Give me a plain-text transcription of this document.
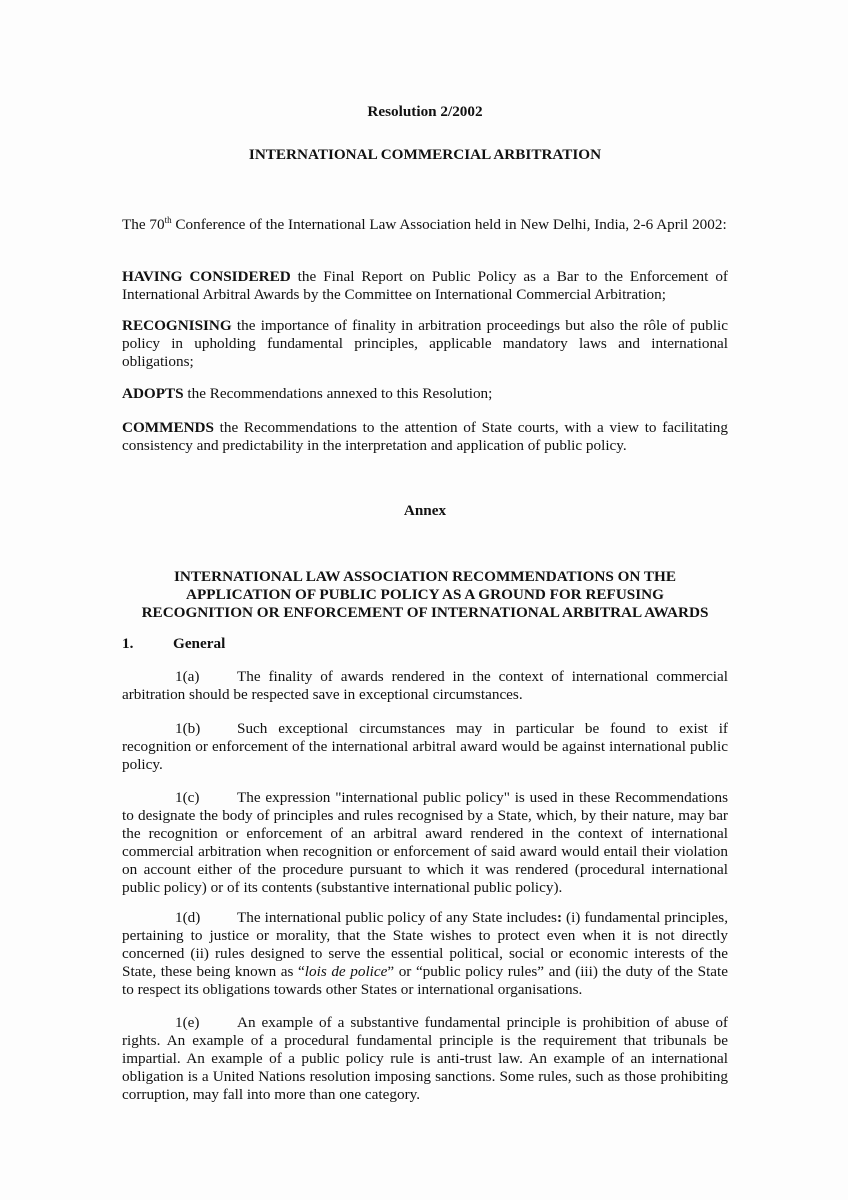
Resolution 2/2002

INTERNATIONAL COMMERCIAL ARBITRATION

The 70th Conference of the International Law Association held in New Delhi, India, 2-6 April 2002:

HAVING CONSIDERED the Final Report on Public Policy as a Bar to the Enforcement of International Arbitral Awards by the Committee on International Commercial Arbitration;

RECOGNISING the importance of finality in arbitration proceedings but also the rôle of public policy in upholding fundamental principles, applicable mandatory laws and international obligations;

ADOPTS the Recommendations annexed to this Resolution;

COMMENDS the Recommendations to the attention of State courts, with a view to facilitating consistency and predictability in the interpretation and application of public policy.

Annex

INTERNATIONAL LAW ASSOCIATION RECOMMENDATIONS ON THE
APPLICATION OF PUBLIC POLICY AS A GROUND FOR REFUSING
RECOGNITION OR ENFORCEMENT OF INTERNATIONAL ARBITRAL AWARDS

1.	General

1(a) The finality of awards rendered in the context of international commercial arbitration should be respected save in exceptional circumstances.

1(b) Such exceptional circumstances may in particular be found to exist if recognition or enforcement of the international arbitral award would be against international public policy.

1(c) The expression "international public policy" is used in these Recommendations to designate the body of principles and rules recognised by a State, which, by their nature, may bar the recognition or enforcement of an arbitral award rendered in the context of international commercial arbitration when recognition or enforcement of said award would entail their violation on account either of the procedure pursuant to which it was rendered (procedural international public policy) or of its contents (substantive international public policy).

1(d) The international public policy of any State includes: (i) fundamental principles, pertaining to justice or morality, that the State wishes to protect even when it is not directly concerned (ii) rules designed to serve the essential political, social or economic interests of the State, these being known as “lois de police” or “public policy rules” and (iii) the duty of the State to respect its obligations towards other States or international organisations.

1(e) An example of a substantive fundamental principle is prohibition of abuse of rights. An example of a procedural fundamental principle is the requirement that tribunals be impartial. An example of a public policy rule is anti-trust law. An example of an international obligation is a United Nations resolution imposing sanctions. Some rules, such as those prohibiting corruption, may fall into more than one category.
